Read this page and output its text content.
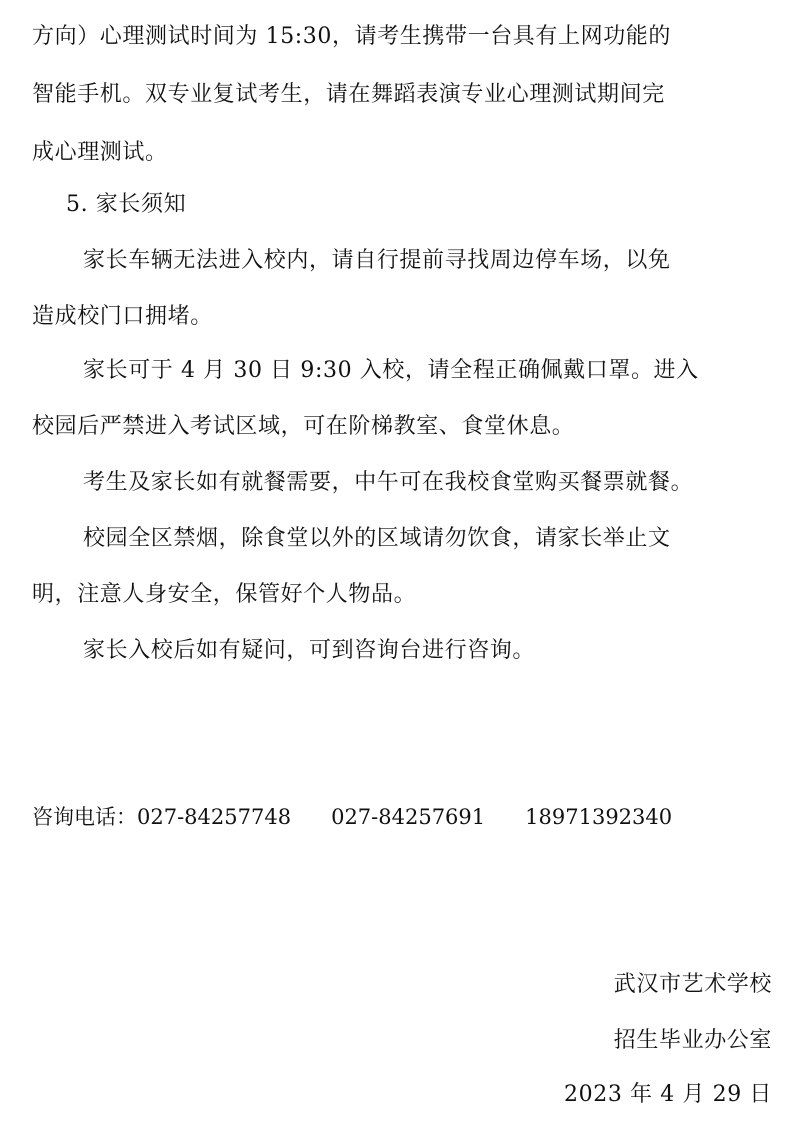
方向）心理测试时间为 15:30，请考生携带一台具有上网功能的
智能手机。双专业复试考生，请在舞蹈表演专业心理测试期间完
成心理测试。
5. 家长须知
家长车辆无法进入校内，请自行提前寻找周边停车场，以免
造成校门口拥堵。
家长可于 4 月 30 日 9:30 入校，请全程正确佩戴口罩。进入
校园后严禁进入考试区域，可在阶梯教室、食堂休息。
考生及家长如有就餐需要，中午可在我校食堂购买餐票就餐。
校园全区禁烟，除食堂以外的区域请勿饮食，请家长举止文
明，注意人身安全，保管好个人物品。
家长入校后如有疑问，可到咨询台进行咨询。
咨询电话：027-84257748 027-84257691 18971392340
武汉市艺术学校
招生毕业办公室
2023 年 4 月 29 日
